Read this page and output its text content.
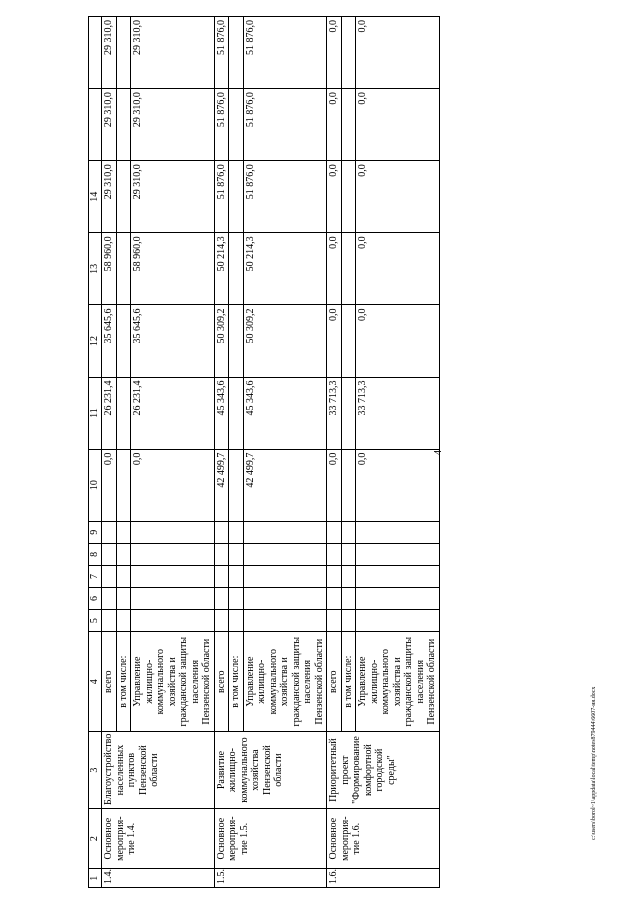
4
1	2	3	4	5	6	7	8	9	10	11	12	13	14		
1.4.	Основное мероприя-тие 1.4.	Благоустройство населенных пунктов Пензенской области	всего						0,0	26 231,4	35 645,6	58 960,0	29 310,0	29 310,0	29 310,0
			в том числе:												
			Управление жилищно-коммунального хозяйства и гражданской защиты населения Пензенской области						0,0	26 231,4	35 645,6	58 960,0	29 310,0	29 310,0	29 310,0
1.5.	Основное мероприя-тие 1.5.	Развитие жилищно-коммунального хозяйства Пензенской области	всего						42 499,7	45 343,6	50 309,2	50 214,3	51 876,0	51 876,0	51 876,0
			в том числе:												
			Управление жилищно-коммунального хозяйства и гражданской защиты населения Пензенской области						42 499,7	45 343,6	50 309,2	50 214,3	51 876,0	51 876,0	51 876,0
1.6.	Основное мероприя-тие 1.6.	Приоритетный проект "Формирование комфортной городской среды"	всего						0,0	33 713,3	0,0	0,0	0,0	0,0	0,0
			в том числе:												
			Управление жилищно-коммунального хозяйства и гражданской защиты населения Пензенской области						0,0	33 713,3	0,0	0,0	0,0	0,0	0,0
c:\users\borol~1\appdata\local\temp\notes879444\6607-ия.docx
